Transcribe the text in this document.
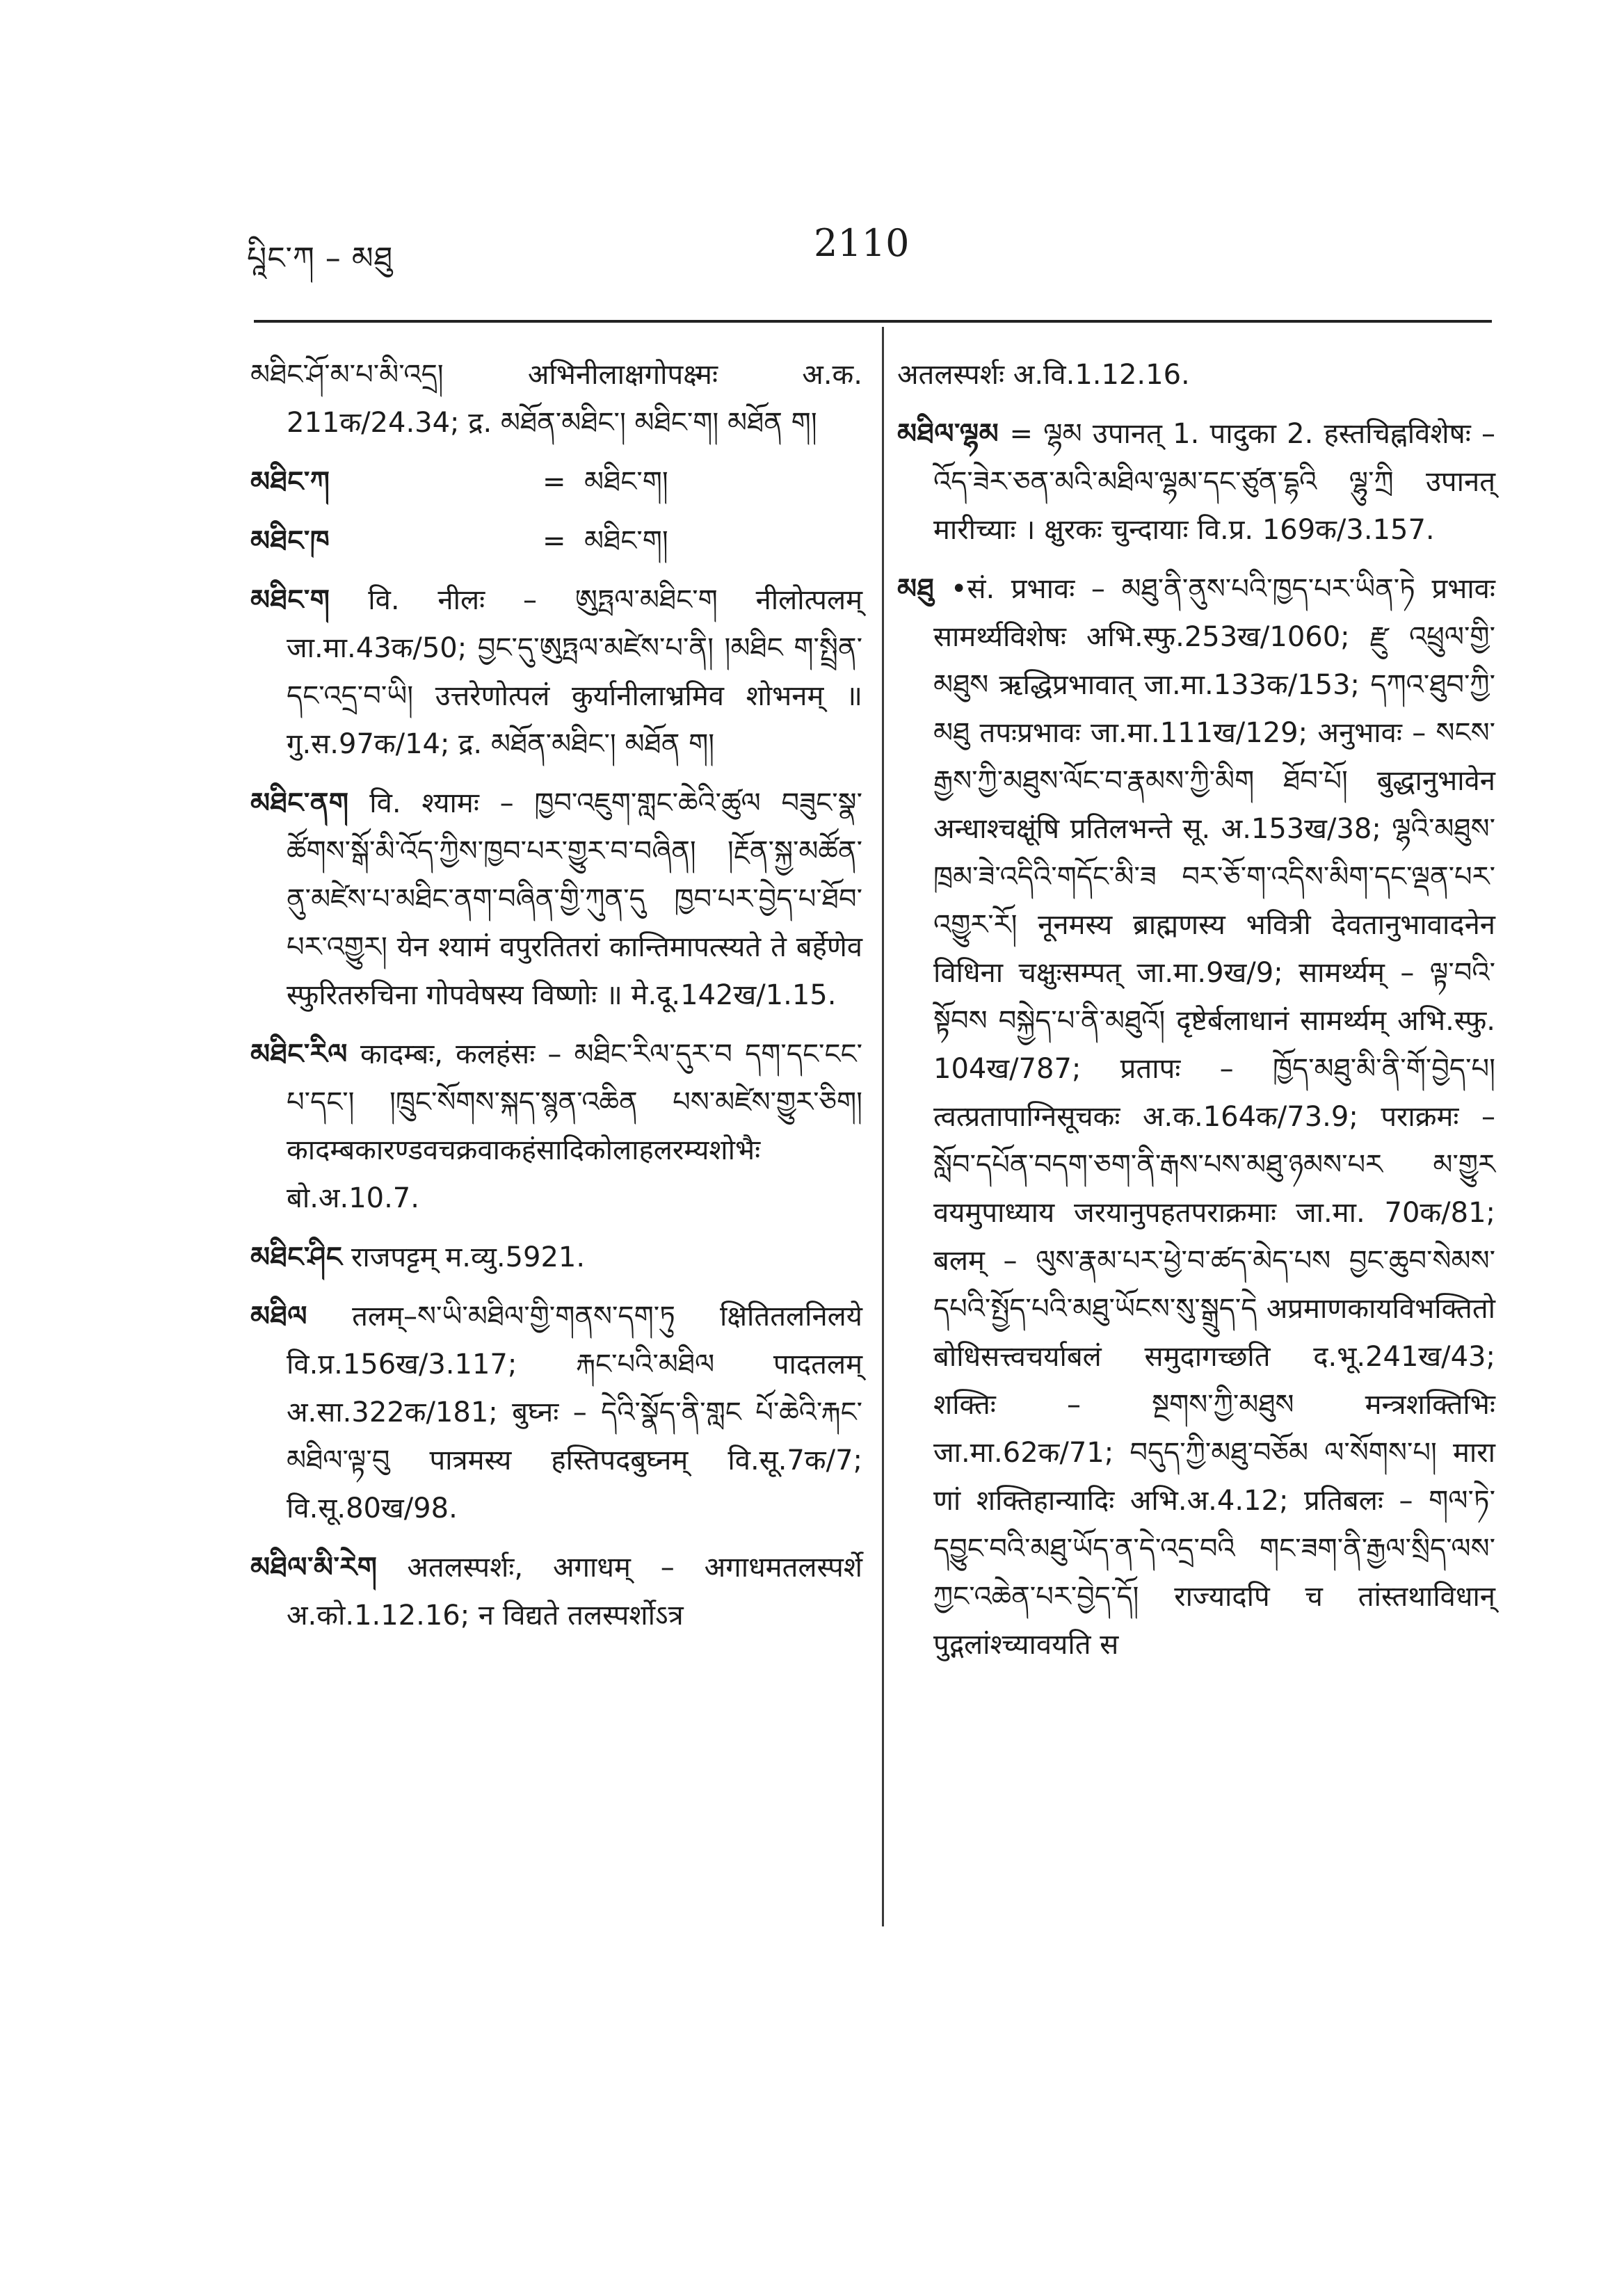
པཱིང་ཀ – མཐུ	2110

མཐིང་ཤོ་མ་པ་མི་འདྲ། अभिनीलाक्षगोपक्ष्मः अ.क. 211क/24.34; द्र. མཐོན་མཐིང་། མཐིང་ག། མཐོན ག།

མཐིང་ཀ	= མཐིང་ག།
མཐིང་ཁ	= མཐིང་ག།

མཐིང་ག वि. नीलः – ཨུཏྤལ་མཐིང་ག नीलोत्पलम् जा.मा.43क/50; བྱང་དུ་ཨུཏྤལ་མཛེས་པ་ནི། །མཐིང ག་སྤྲིན་དང་འདྲ་བ་ཡི། उत्तरेणोत्पलं कुर्यानीलाभ्रमिव शोभनम् ॥ गु.स.97क/14; द्र. མཐོན་མཐིང་། མཐོན ག།

མཐིང་ནག वि. श्यामः – ཁྱབ་འཇུག་གླང་ཆེའི་ཚུལ བཟུང་སྣ་ཚོགས་སྒོ་མི་འོད་ཀྱིས་ཁྱབ་པར་གྱུར་བ་བཞིན། །རྔོན་སྐྱ་མཚོན་ནུ་མཛེས་པ་མཐིང་ནག་བཞིན་གྱི་ཀུན་དུ ཁྱབ་པར་བྱེད་པ་ཐོབ་པར་འགྱུར། येन श्यामं वपुरतितरां कान्तिमापत्स्यते ते बर्हेणेव स्फुरितरुचिना गोपवेषस्य विष्णोः ॥ मे.दू.142ख/1.15.

མཐིང་རིལ कादम्बः, कलहंसः – མཐིང་རིལ་དུར་བ དག་དང་ངང་པ་དང་། །ཁྲུང་སོགས་སྐད་སྙན་འཆིན པས་མཛེས་གྱུར་ཅིག། कादम्बकारण्डवचक्रवाकहंसादिकोलाहलरम्यशोभैः बो.अ.10.7.

མཐིང་ཤིང राजपट्टम् म.व्यु.5921.

མཐིལ तलम्–ས་ཡི་མཐིལ་གྱི་གནས་དག་ཏུ क्षितितलनिलये वि.प्र.156ख/3.117; རྐང་པའི་མཐིལ पादतलम् अ.सा.322क/181; बुघ्नः – དེའི་སྣོད་ནི་གླང པོ་ཆེའི་རྐང་མཐིལ་ལྟ་བུ पात्रमस्य हस्तिपदबुघ्नम् वि.सू.7क/7; वि.सू.80ख/98.

མཐིལ་མི་རེག अतलस्पर्शः, अगाधम् – अगाधमतलस्पर्शे अ.को.1.12.16; न विद्यते तलस्पर्शोऽत्र

अतलस्पर्शः अ.वि.1.12.16.

མཐིལ་ལྷམ = ལྷམ उपानत् 1. पादुका 2. हस्तचिह्नविशेषः – འོད་ཟེར་ཅན་མའི་མཐིལ་ལྷམ་དང་ཙུན་དྷའི ལྷུ་ཀྲི उपानत् मारीच्याः । क्षुरकः चुन्दायाः वि.प्र. 169क/3.157.

མཐུ •सं. प्रभावः – མཐུ་ནི་ནུས་པའི་ཁྱད་པར་ཡིན་ཏེ प्रभावः सामर्थ्यविशेषः अभि.स्फु.253ख/1060; རྫུ འཕྲུལ་གྱི་མཐུས ऋद्धिप्रभावात् जा.मा.133क/153; དཀའ་ཐུབ་ཀྱི་མཐུ तपःप्रभावः जा.मा.111ख/129; अनुभावः – སངས་རྒྱས་ཀྱི་མཐུས་ལོང་བ་རྣམས་ཀྱི་མིག ཐོབ་པོ། बुद्धानुभावेन अन्धाश्चक्षूंषि प्रतिलभन्ते सू. अ.153ख/38; ལྷའི་མཐུས་ཁྲམ་ཟེ་འདིའི་གདོང་མི་ཟ བར་ཅོ་ག་འདིས་མིག་དང་ལྡན་པར་འགྱུར་རོ། नूनमस्य ब्राह्मणस्य भवित्री देवतानुभावादनेन विधिना चक्षुःसम्पत् जा.मा.9ख/9; सामर्थ्यम् – ལྟ་བའི་སྟོབས བསྐྱེད་པ་ནི་མཐུའོ། दृष्टेर्बलाधानं सामर्थ्यम् अभि.स्फु. 104ख/787; प्रतापः – ཁྱོད་མཐུ་མི་ནི་གོ་བྱེད་པ། त्वत्प्रतापाग्निसूचकः अ.क.164क/73.9; पराक्रमः – སློབ་དཔོན་བདག་ཅག་ནི་རྒས་པས་མཐུ་ཉམས་པར མ་གྱུར वयमुपाध्याय जरयानुपहतपराक्रमाः जा.मा. 70क/81; बलम् – ལུས་རྣམ་པར་ཕྱེ་བ་ཚད་མེད་པས བྱང་ཆུབ་སེམས་དཔའི་སྤྱོད་པའི་མཐུ་ཡོངས་སུ་སྒྲུད་དེ अप्रमाणकायविभक्तितो बोधिसत्त्वचर्याबलं समुदागच्छति द.भू.241ख/43; शक्तिः – སྔགས་ཀྱི་མཐུས मन्त्रशक्तिभिः जा.मा.62क/71; བདུད་ཀྱི་མཐུ་བཅོམ ལ་སོགས་པ། मारा णां शक्तिहान्यादिः अभि.अ.4.12; प्रतिबलः – གལ་ཏེ་དབྱུང་བའི་མཐུ་ཡོད་ན་དེ་འདྲ་བའི གང་ཟག་ནི་རྒྱལ་སྲིད་ལས་ཀྱང་འཆེན་པར་བྱེད་དོ། राज्यादपि च तांस्तथाविधान् पुद्गलांश्च्यावयति स
